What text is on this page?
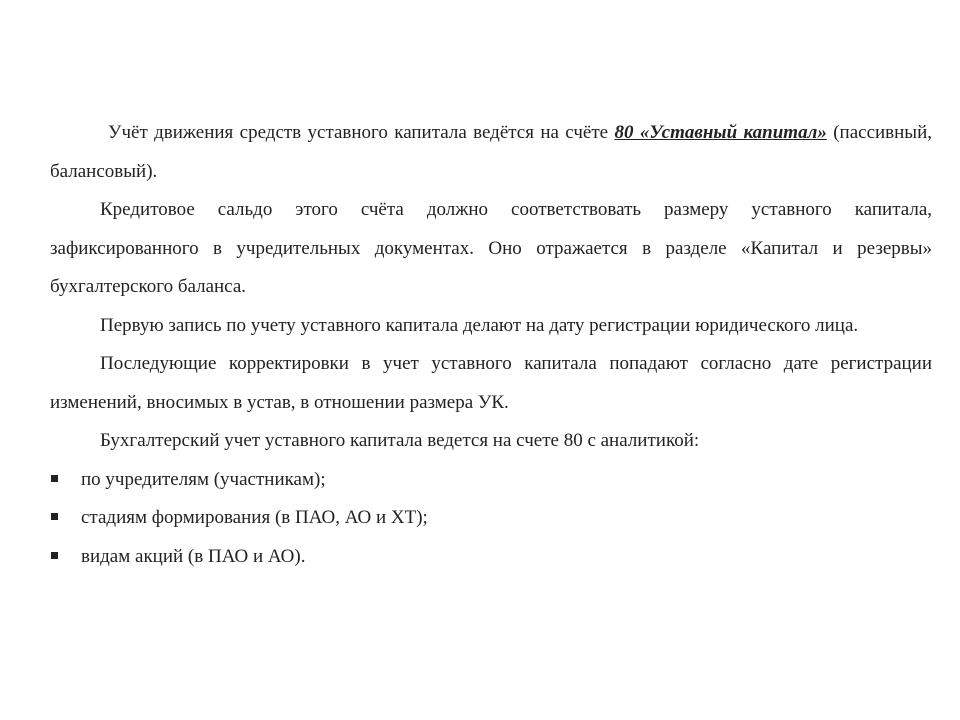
Учёт движения средств уставного капитала ведётся на счёте 80 «Уставный капитал» (пассивный, балансовый).

Кредитовое сальдо этого счёта должно соответствовать размеру уставного капитала, зафиксированного в учредительных документах. Оно отражается в разделе «Капитал и резервы» бухгалтерского баланса.

Первую запись по учету уставного капитала делают на дату регистрации юридического лица.

Последующие корректировки в учет уставного капитала попадают согласно дате регистрации изменений, вносимых в устав, в отношении размера УК.

Бухгалтерский учет уставного капитала ведется на счете 80 с аналитикой:

по учредителям (участникам);
стадиям формирования (в ПАО, АО и ХТ);
видам акций (в ПАО и АО).
